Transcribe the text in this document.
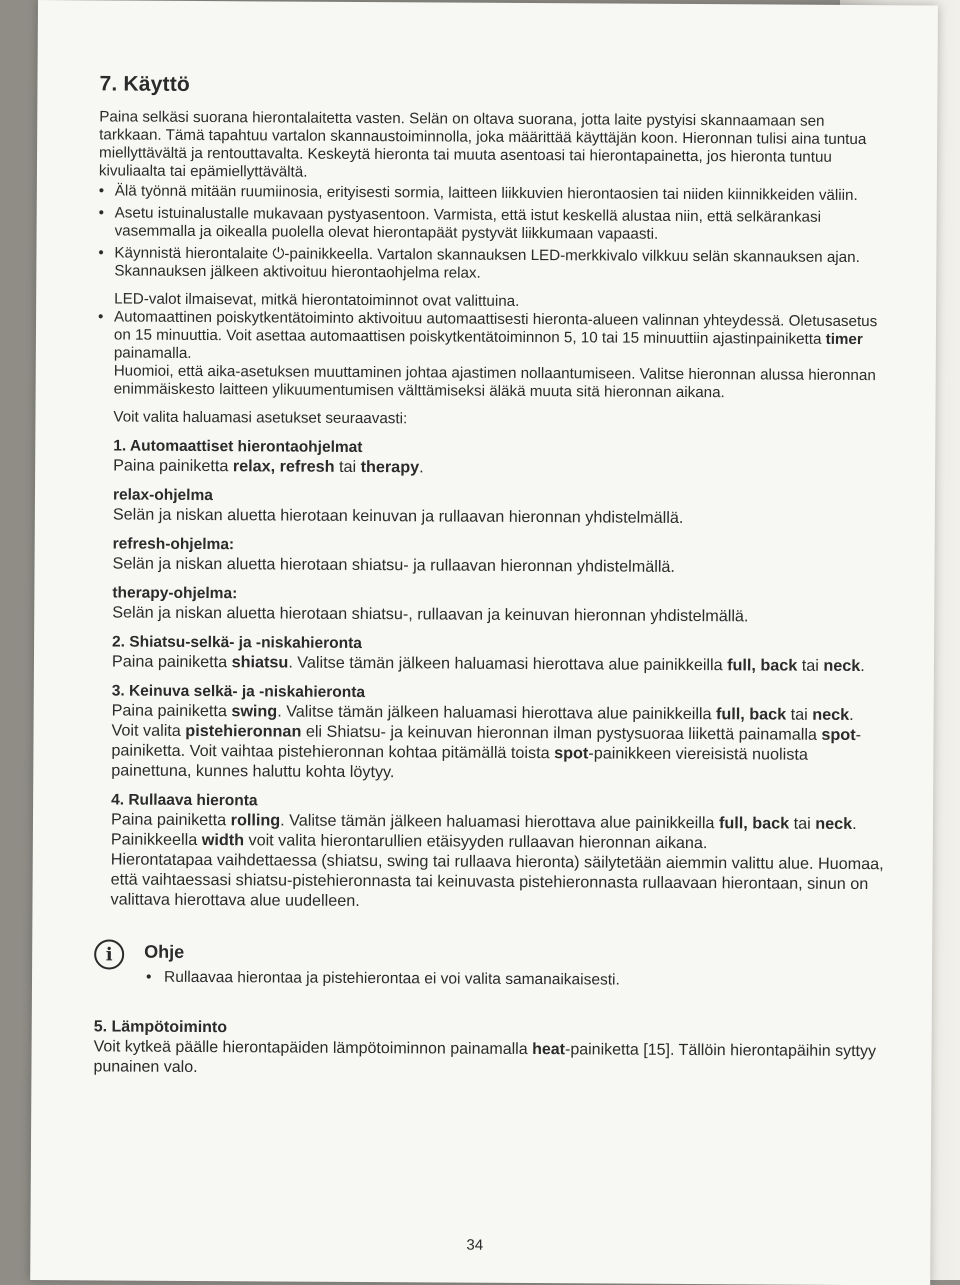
7. Käyttö

Paina selkäsi suorana hierontalaitetta vasten. Selän on oltava suorana, jotta laite pystyisi skannaamaan sen tarkkaan. Tämä tapahtuu vartalon skannaustoiminnolla, joka määrittää käyttäjän koon. Hieronnan tulisi aina tuntua miellyttävältä ja rentouttavalta. Keskeytä hieronta tai muuta asentoasi tai hierontapainetta, jos hieronta tuntuu kivuliaalta tai epämiellyttävältä.

• Älä työnnä mitään ruumiinosia, erityisesti sormia, laitteen liikkuvien hierontaosien tai niiden kiinnikkeiden väliin.
• Asetu istuinalustalle mukavaan pystyasentoon. Varmista, että istut keskellä alustaa niin, että selkärankasi vasemmalla ja oikealla puolella olevat hierontapäät pystyvät liikkumaan vapaasti.
• Käynnistä hierontalaite ⏻-painikkeella. Vartalon skannauksen LED-merkkivalo vilkkuu selän skannauksen ajan. Skannauksen jälkeen aktivoituu hierontaohjelma relax.

LED-valot ilmaisevat, mitkä hierontatoiminnot ovat valittuina.

• Automaattinen poiskytkentätoiminto aktivoituu automaattisesti hieronta-alueen valinnan yhteydessä. Oletusasetus on 15 minuuttia. Voit asettaa automaattisen poiskytkentätoiminnon 5, 10 tai 15 minuuttiin ajastinpainiketta timer painamalla.

Huomioi, että aika-asetuksen muuttaminen johtaa ajastimen nollaantumiseen. Valitse hieronnan alussa hieronnan enimmäiskesto laitteen ylikuumentumisen välttämiseksi äläkä muuta sitä hieronnan aikana.

Voit valita haluamasi asetukset seuraavasti:

1. Automaattiset hierontaohjelmat

Paina painiketta relax, refresh tai therapy.

relax-ohjelma

Selän ja niskan aluetta hierotaan keinuvan ja rullaavan hieronnan yhdistelmällä.

refresh-ohjelma:

Selän ja niskan aluetta hierotaan shiatsu- ja rullaavan hieronnan yhdistelmällä.

therapy-ohjelma:

Selän ja niskan aluetta hierotaan shiatsu-, rullaavan ja keinuvan hieronnan yhdistelmällä.

2. Shiatsu-selkä- ja -niskahieronta

Paina painiketta shiatsu. Valitse tämän jälkeen haluamasi hierottava alue painikkeilla full, back tai neck.

3. Keinuva selkä- ja -niskahieronta

Paina painiketta swing. Valitse tämän jälkeen haluamasi hierottava alue painikkeilla full, back tai neck.

Voit valita pistehieronnan eli Shiatsu- ja keinuvan hieronnan ilman pystysuoraa liikettä painamalla spot-painiketta. Voit vaihtaa pistehieronnan kohtaa pitämällä toista spot-painikkeen viereisistä nuolista painettuna, kunnes haluttu kohta löytyy.

4. Rullaava hieronta

Paina painiketta rolling. Valitse tämän jälkeen haluamasi hierottava alue painikkeilla full, back tai neck.

Painikkeella width voit valita hierontarullien etäisyyden rullaavan hieronnan aikana.

Hierontatapaa vaihdettaessa (shiatsu, swing tai rullaava hieronta) säilytetään aiemmin valittu alue. Huomaa, että vaihtaessasi shiatsu-pistehieronnasta tai keinuvasta pistehieronnasta rullaavaan hierontaan, sinun on valittava hierottava alue uudelleen.

i	Ohje
• Rullaavaa hierontaa ja pistehierontaa ei voi valita samanaikaisesti.
5. Lämpötoiminto

Voit kytkeä päälle hierontapäiden lämpötoiminnon painamalla heat-painiketta [15]. Tällöin hierontapäihin syttyy punainen valo.

34
